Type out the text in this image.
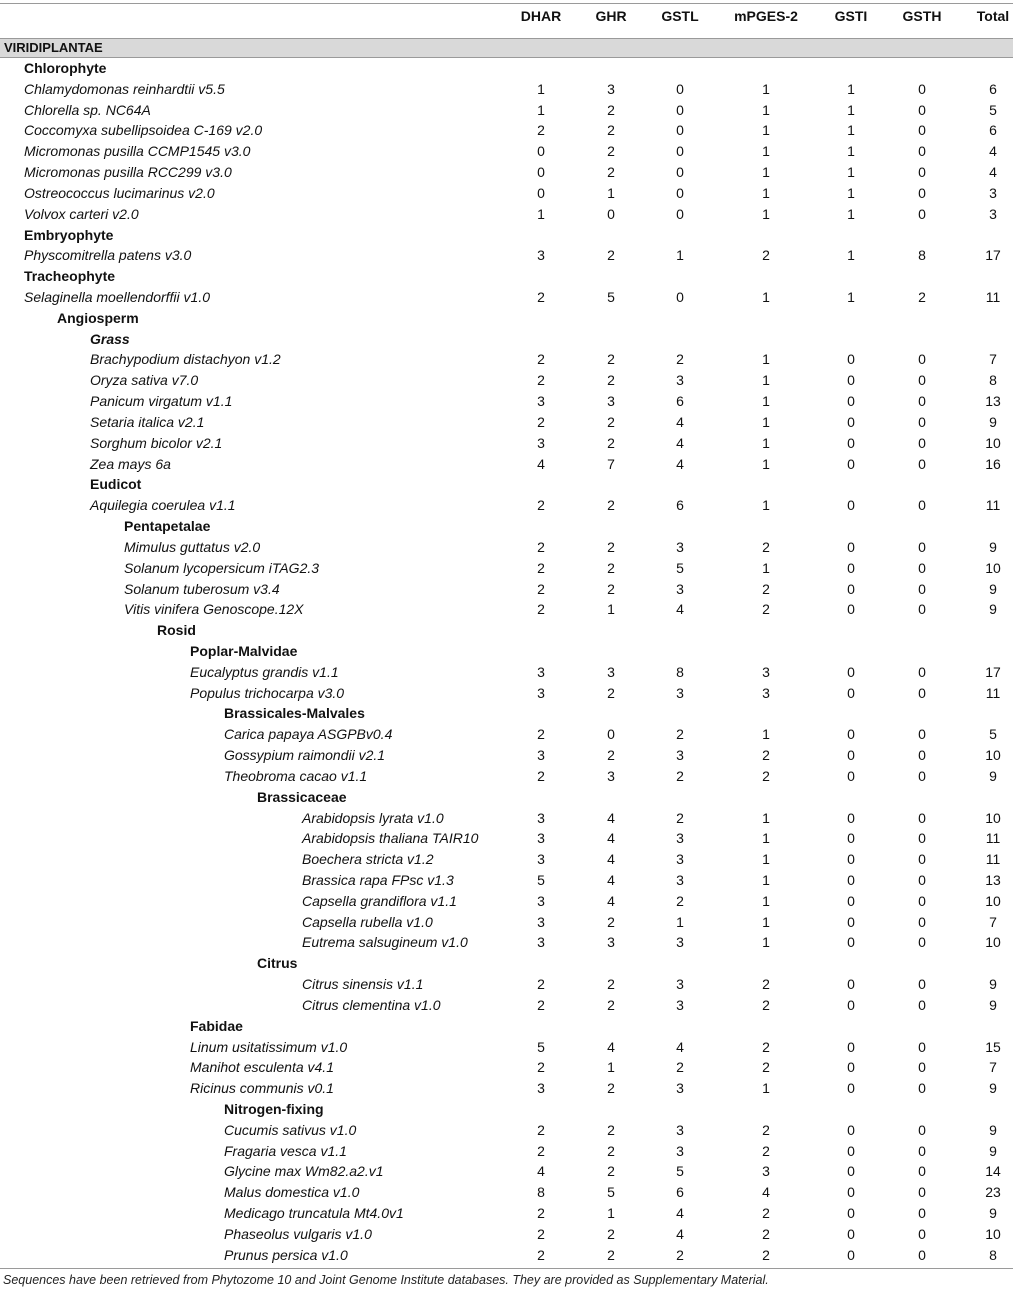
DHAR	GHR	GSTL	mPGES-2	GSTI	GSTH	Total
VIRIDIPLANTAE
Chlorophyte
Chlamydomonas reinhardtii v5.5	1	3	0	1	1	0	6
Chlorella sp. NC64A	1	2	0	1	1	0	5
Coccomyxa subellipsoidea C-169 v2.0	2	2	0	1	1	0	6
Micromonas pusilla CCMP1545 v3.0	0	2	0	1	1	0	4
Micromonas pusilla RCC299 v3.0	0	2	0	1	1	0	4
Ostreococcus lucimarinus v2.0	0	1	0	1	1	0	3
Volvox carteri v2.0	1	0	0	1	1	0	3
Embryophyte
Physcomitrella patens v3.0	3	2	1	2	1	8	17
Tracheophyte
Selaginella moellendorffii v1.0	2	5	0	1	1	2	11
Angiosperm
Grass
Brachypodium distachyon v1.2	2	2	2	1	0	0	7
Oryza sativa v7.0	2	2	3	1	0	0	8
Panicum virgatum v1.1	3	3	6	1	0	0	13
Setaria italica v2.1	2	2	4	1	0	0	9
Sorghum bicolor v2.1	3	2	4	1	0	0	10
Zea mays 6a	4	7	4	1	0	0	16
Eudicot
Aquilegia coerulea v1.1	2	2	6	1	0	0	11
Pentapetalae
Mimulus guttatus v2.0	2	2	3	2	0	0	9
Solanum lycopersicum iTAG2.3	2	2	5	1	0	0	10
Solanum tuberosum v3.4	2	2	3	2	0	0	9
Vitis vinifera Genoscope.12X	2	1	4	2	0	0	9
Rosid
Poplar-Malvidae
Eucalyptus grandis v1.1	3	3	8	3	0	0	17
Populus trichocarpa v3.0	3	2	3	3	0	0	11
Brassicales-Malvales
Carica papaya ASGPBv0.4	2	0	2	1	0	0	5
Gossypium raimondii v2.1	3	2	3	2	0	0	10
Theobroma cacao v1.1	2	3	2	2	0	0	9
Brassicaceae
Arabidopsis lyrata v1.0	3	4	2	1	0	0	10
Arabidopsis thaliana TAIR10	3	4	3	1	0	0	11
Boechera stricta v1.2	3	4	3	1	0	0	11
Brassica rapa FPsc v1.3	5	4	3	1	0	0	13
Capsella grandiflora v1.1	3	4	2	1	0	0	10
Capsella rubella v1.0	3	2	1	1	0	0	7
Eutrema salsugineum v1.0	3	3	3	1	0	0	10
Citrus
Citrus sinensis v1.1	2	2	3	2	0	0	9
Citrus clementina v1.0	2	2	3	2	0	0	9
Fabidae
Linum usitatissimum v1.0	5	4	4	2	0	0	15
Manihot esculenta v4.1	2	1	2	2	0	0	7
Ricinus communis v0.1	3	2	3	1	0	0	9
Nitrogen-fixing
Cucumis sativus v1.0	2	2	3	2	0	0	9
Fragaria vesca v1.1	2	2	3	2	0	0	9
Glycine max Wm82.a2.v1	4	2	5	3	0	0	14
Malus domestica v1.0	8	5	6	4	0	0	23
Medicago truncatula Mt4.0v1	2	1	4	2	0	0	9
Phaseolus vulgaris v1.0	2	2	4	2	0	0	10
Prunus persica v1.0	2	2	2	2	0	0	8
Sequences have been retrieved from Phytozome 10 and Joint Genome Institute databases. They are provided as Supplementary Material.
